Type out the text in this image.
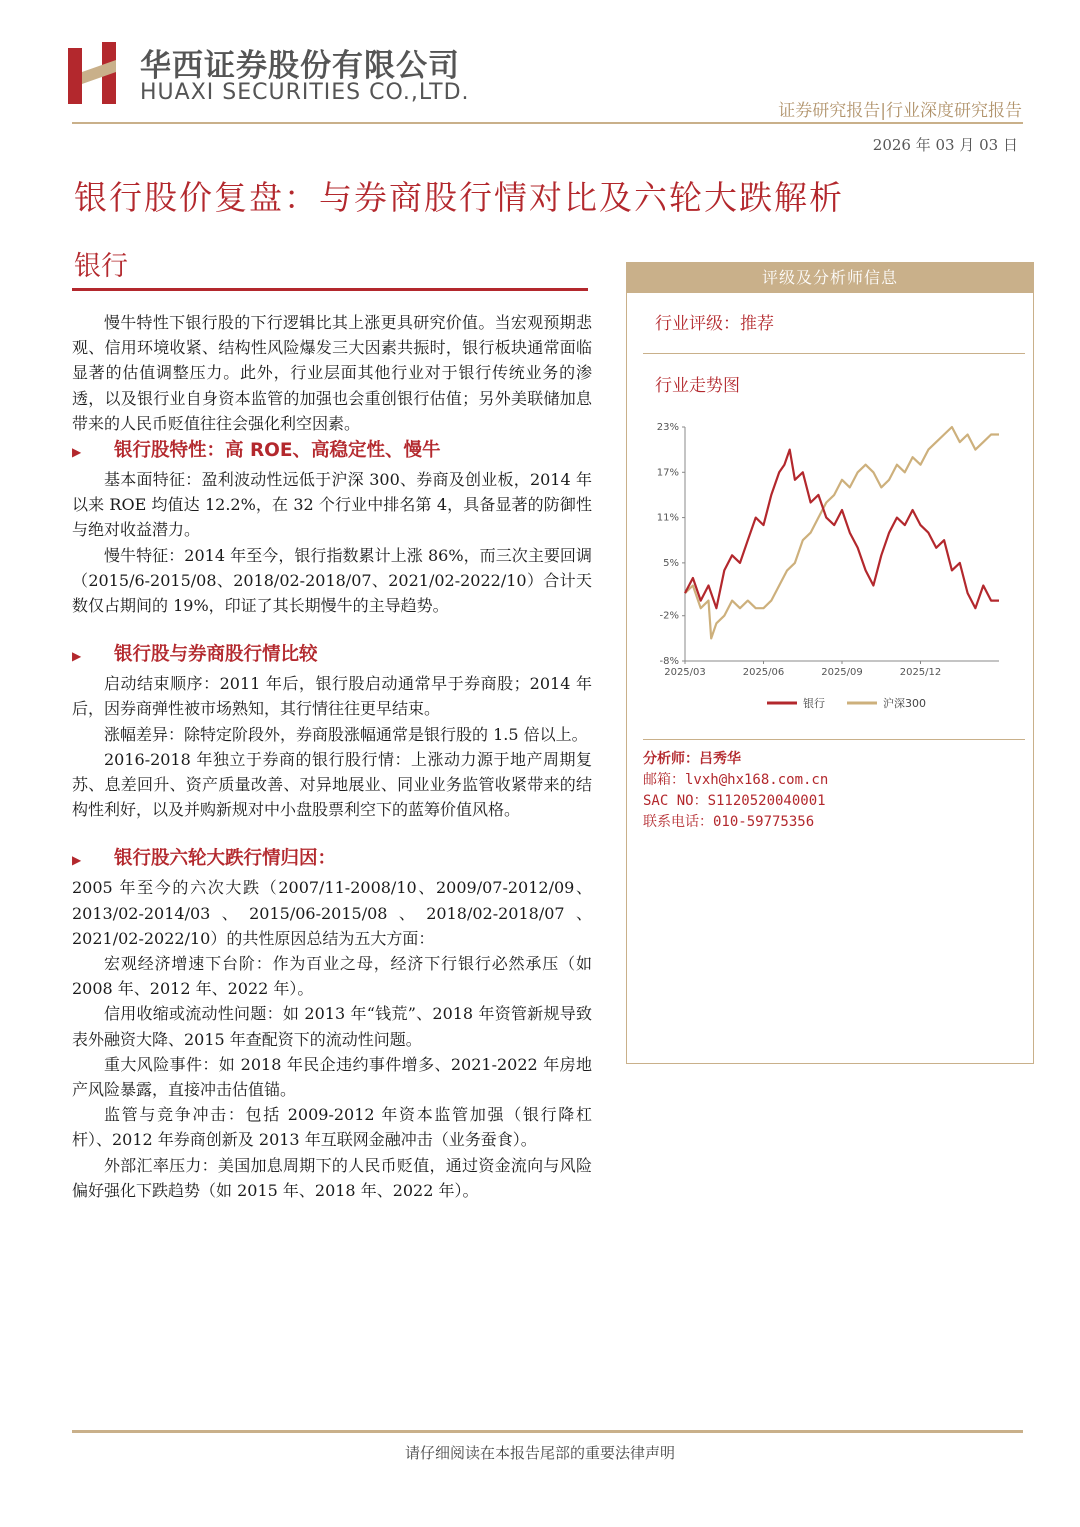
华西证券股份有限公司
HUAXI SECURITIES CO.,LTD.
证券研究报告|行业深度研究报告
2026 年 03 月 03 日
银行股价复盘：与券商股行情对比及六轮大跌解析
银行

慢牛特性下银行股的下行逻辑比其上涨更具研究价值。当宏观预期悲观、信用环境收紧、结构性风险爆发三大因素共振时，银行板块通常面临显著的估值调整压力。此外，行业层面其他行业对于银行传统业务的渗透，以及银行业自身资本监管的加强也会重创银行估值；另外美联储加息带来的人民币贬值往往会强化利空因素。

▶ 银行股特性：高 ROE、高稳定性、慢牛

基本面特征：盈利波动性远低于沪深 300、券商及创业板，2014 年以来 ROE 均值达 12.2%，在 32 个行业中排名第 4，具备显著的防御性与绝对收益潜力。

慢牛特征：2014 年至今，银行指数累计上涨 86%，而三次主要回调（2015/6-2015/08、2018/02-2018/07、2021/02-2022/10）合计天数仅占期间的 19%，印证了其长期慢牛的主导趋势。

▶ 银行股与券商股行情比较

启动结束顺序：2011 年后，银行股启动通常早于券商股；2014 年后，因券商弹性被市场熟知，其行情往往更早结束。

涨幅差异：除特定阶段外，券商股涨幅通常是银行股的 1.5 倍以上。

2016-2018 年独立于券商的银行股行情：上涨动力源于地产周期复苏、息差回升、资产质量改善、对异地展业、同业业务监管收紧带来的结构性利好，以及并购新规对中小盘股票利空下的蓝筹价值风格。

▶ 银行股六轮大跌行情归因：

2005 年至今的六次大跌（2007/11-2008/10、2009/07-2012/09、2013/02-2014/03、2015/06-2015/08、2018/02-2018/07、2021/02-2022/10）的共性原因总结为五大方面：

宏观经济增速下台阶：作为百业之母，经济下行银行必然承压（如 2008 年、2012 年、2022 年）。

信用收缩或流动性问题：如 2013 年“钱荒”、2018 年资管新规导致表外融资大降、2015 年查配资下的流动性问题。

重大风险事件：如 2018 年民企违约事件增多、2021-2022 年房地产风险暴露，直接冲击估值锚。

监管与竞争冲击：包括 2009-2012 年资本监管加强（银行降杠杆）、2012 年券商创新及 2013 年互联网金融冲击（业务蚕食）。

外部汇率压力：美国加息周期下的人民币贬值，通过资金流向与风险偏好强化下跌趋势（如 2015 年、2018 年、2022 年）。

评级及分析师信息
行业评级：推荐
行业走势图
23%
17%
11%
5%
-2%
-8%
2025/03	2025/06	2025/09	2025/12
银行	沪深300
分析师：吕秀华
邮箱：lvxh@hx168.com.cn
SAC NO：S1120520040001
联系电话：010-59775356
请仔细阅读在本报告尾部的重要法律声明
